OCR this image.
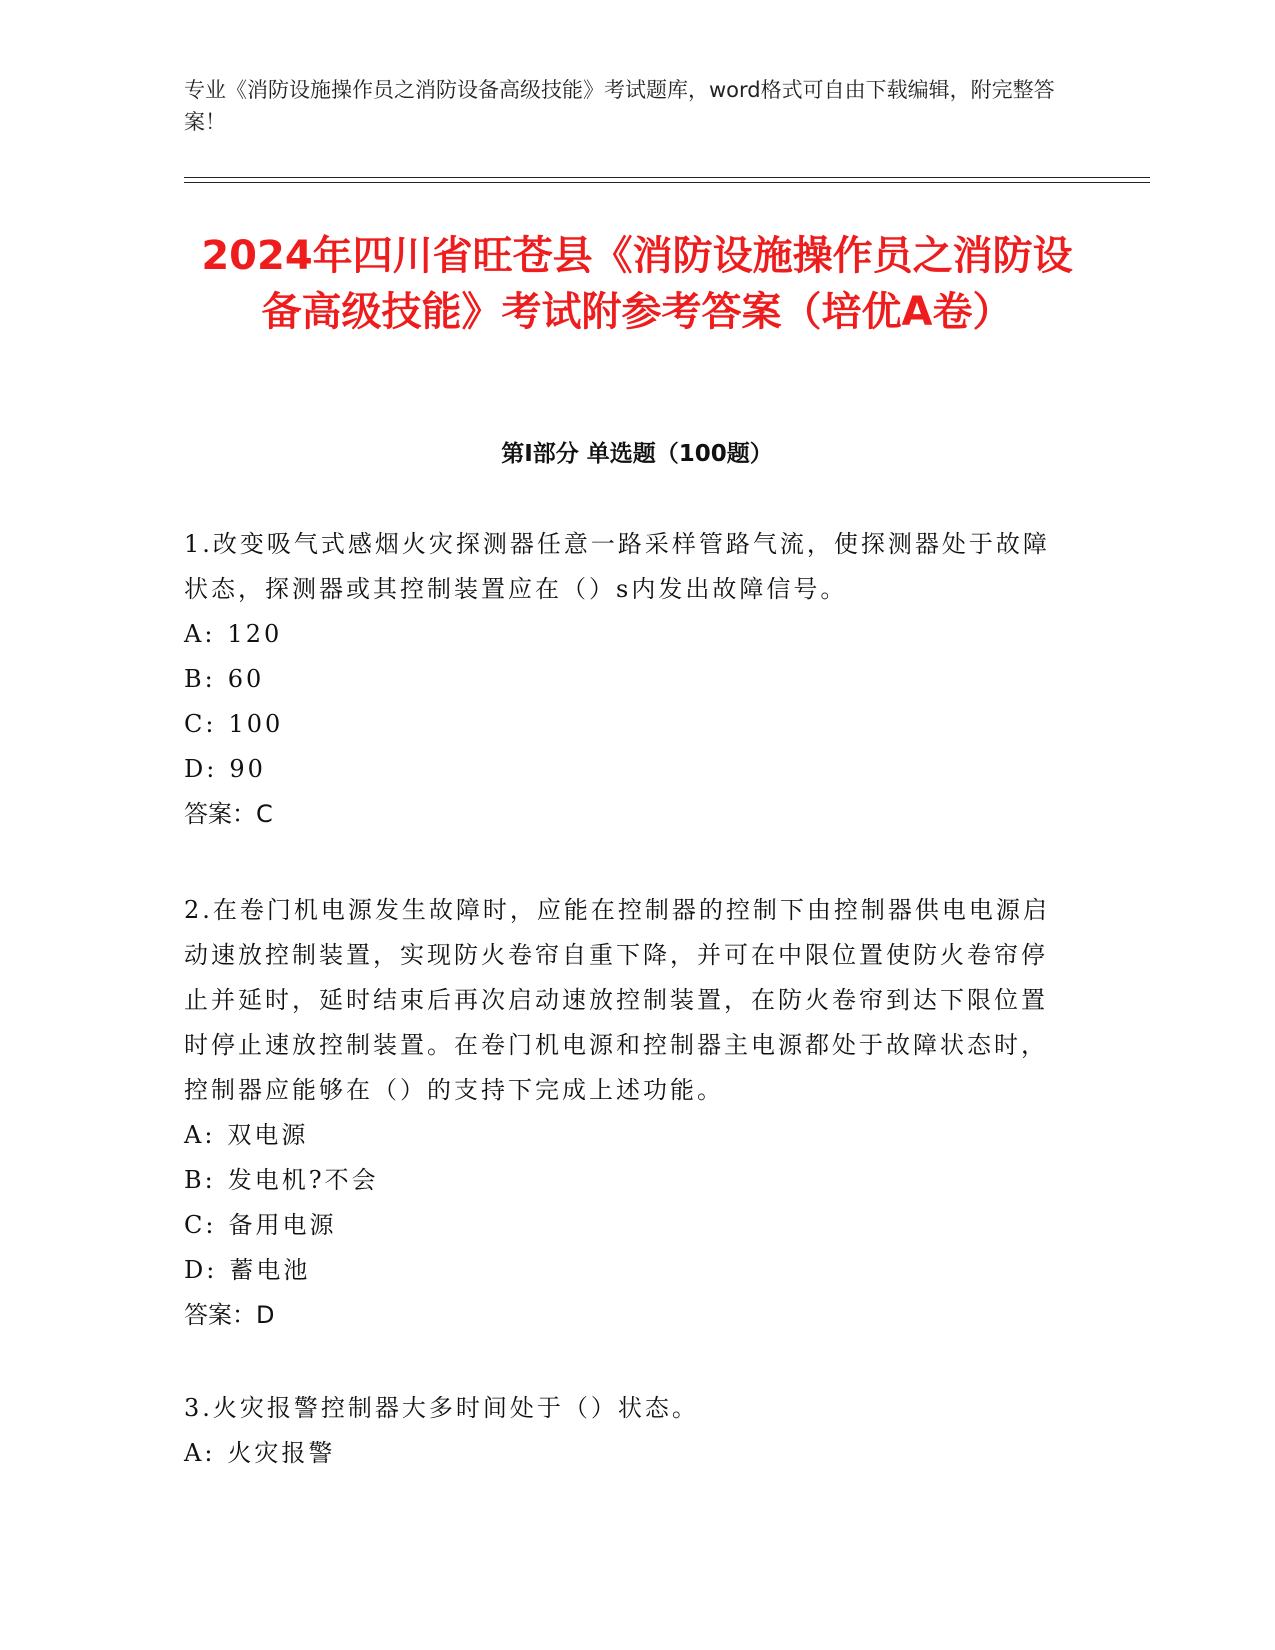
专业《消防设施操作员之消防设备高级技能》考试题库，word格式可自由下载编辑，附完整答案！
2024年四川省旺苍县《消防设施操作员之消防设备高级技能》考试附参考答案（培优A卷）
第I部分 单选题（100题）

1.改变吸气式感烟火灾探测器任意一路采样管路气流，使探测器处于故障状态，探测器或其控制装置应在（）s内发出故障信号。

A: 120

B: 60

C: 100

D: 90

答案：C

2.在卷门机电源发生故障时，应能在控制器的控制下由控制器供电电源启动速放控制装置，实现防火卷帘自重下降，并可在中限位置使防火卷帘停止并延时，延时结束后再次启动速放控制装置，在防火卷帘到达下限位置时停止速放控制装置。在卷门机电源和控制器主电源都处于故障状态时，控制器应能够在（）的支持下完成上述功能。

A: 双电源

B: 发电机?不会

C: 备用电源

D: 蓄电池

答案：D

3.火灾报警控制器大多时间处于（）状态。

A: 火灾报警
